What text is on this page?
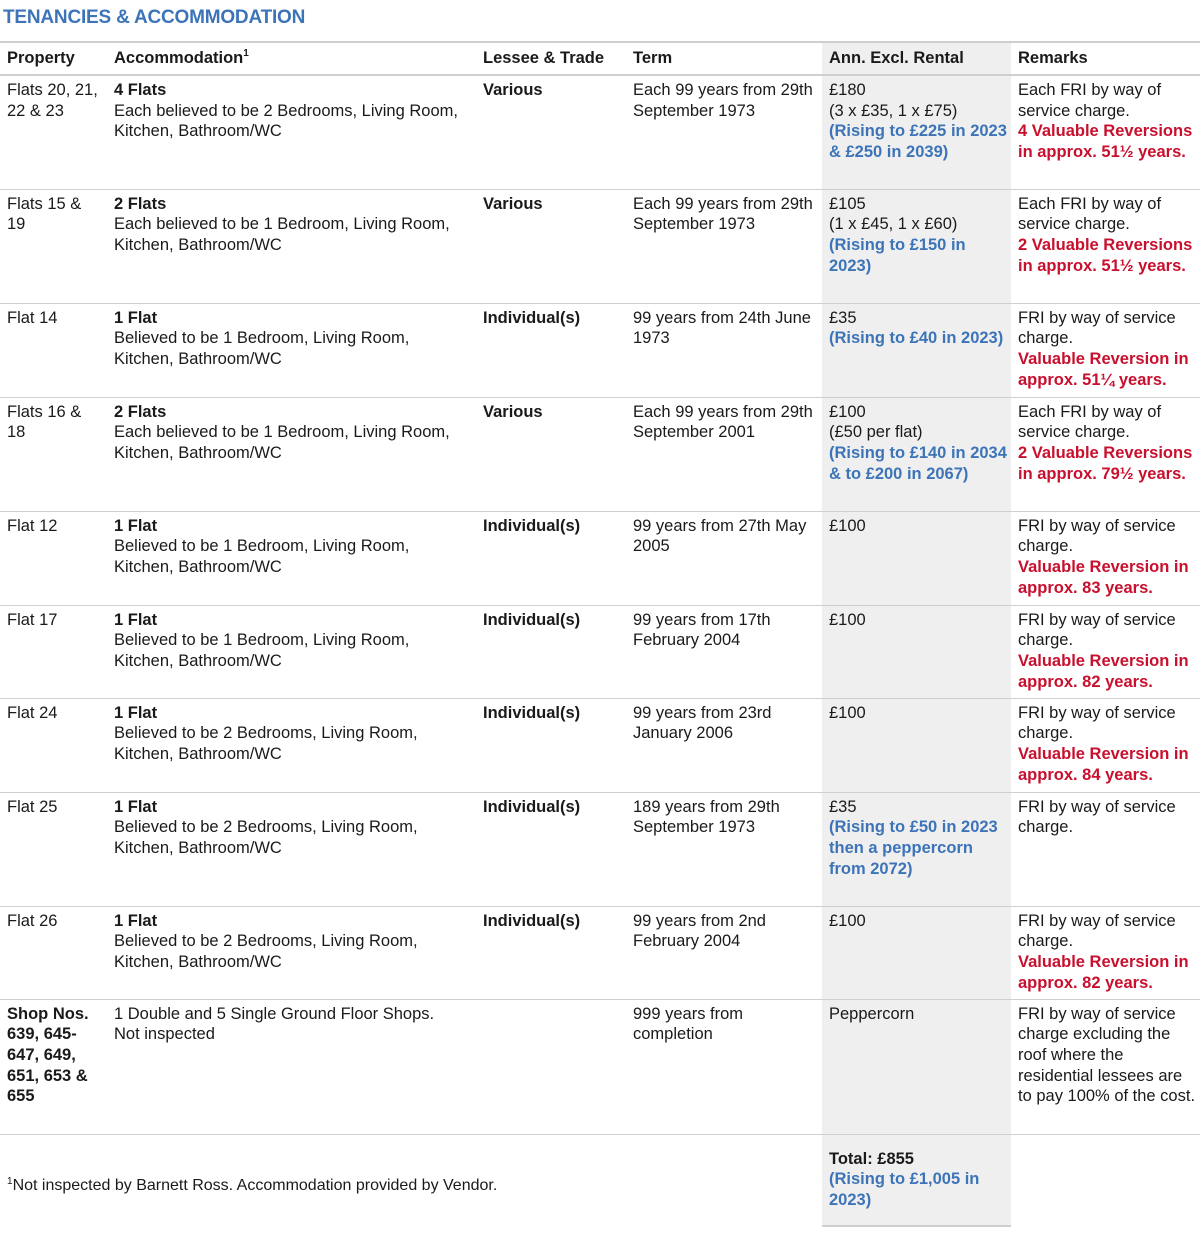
TENANCIES & ACCOMMODATION
Property	Accommodation$^1$	Lessee & Trade	Term	Ann. Excl. Rental	Remarks
Flats 20, 21, 22 & 23	4 Flats
Each believed to be 2 Bedrooms, Living Room, Kitchen, Bathroom/WC	Various	Each 99 years from 29th September 1973	£180
(3 x £35, 1 x £75)
(Rising to £225 in 2023 & £250 in 2039)	Each FRI by way of service charge.
4 Valuable Reversions in approx. 51½ years.

Flats 15 & 19	2 Flats
Each believed to be 1 Bedroom, Living Room, Kitchen, Bathroom/WC	Various	Each 99 years from 29th September 1973	£105
(1 x £45, 1 x £60)
(Rising to £150 in 2023)	Each FRI by way of service charge.
2 Valuable Reversions in approx. 51½ years.

Flat 14	1 Flat
Believed to be 1 Bedroom, Living Room, Kitchen, Bathroom/WC	Individual(s)	99 years from 24th June 1973	£35
(Rising to £40 in 2023)	FRI by way of service charge.
Valuable Reversion in approx. 51¼ years.

Flats 16 & 18	2 Flats
Each believed to be 1 Bedroom, Living Room, Kitchen, Bathroom/WC	Various	Each 99 years from 29th September 2001	£100
(£50 per flat)
(Rising to £140 in 2034 & to £200 in 2067)	Each FRI by way of service charge.
2 Valuable Reversions in approx. 79½ years.

Flat 12	1 Flat
Believed to be 1 Bedroom, Living Room, Kitchen, Bathroom/WC	Individual(s)	99 years from 27th May 2005	£100	FRI by way of service charge.
Valuable Reversion in approx. 83 years.

Flat 17	1 Flat
Believed to be 1 Bedroom, Living Room, Kitchen, Bathroom/WC	Individual(s)	99 years from 17th February 2004	£100	FRI by way of service charge.
Valuable Reversion in approx. 82 years.

Flat 24	1 Flat
Believed to be 2 Bedrooms, Living Room, Kitchen, Bathroom/WC	Individual(s)	99 years from 23rd January 2006	£100	FRI by way of service charge.
Valuable Reversion in approx. 84 years.

Flat 25	1 Flat
Believed to be 2 Bedrooms, Living Room, Kitchen, Bathroom/WC	Individual(s)	189 years from 29th September 1973	£35
(Rising to £50 in 2023 then a peppercorn from 2072)	FRI by way of service charge.

Flat 26	1 Flat
Believed to be 2 Bedrooms, Living Room, Kitchen, Bathroom/WC	Individual(s)	99 years from 2nd February 2004	£100	FRI by way of service charge.
Valuable Reversion in approx. 82 years.

Shop Nos. 639, 645-647, 649, 651, 653 & 655	1 Double and 5 Single Ground Floor Shops.
Not inspected		999 years from completion	Peppercorn	FRI by way of service charge excluding the roof where the residential lessees are to pay 100% of the cost.
$^1$Not inspected by Barnett Ross. Accommodation provided by Vendor.				Total: £855
(Rising to £1,005 in 2023)	
